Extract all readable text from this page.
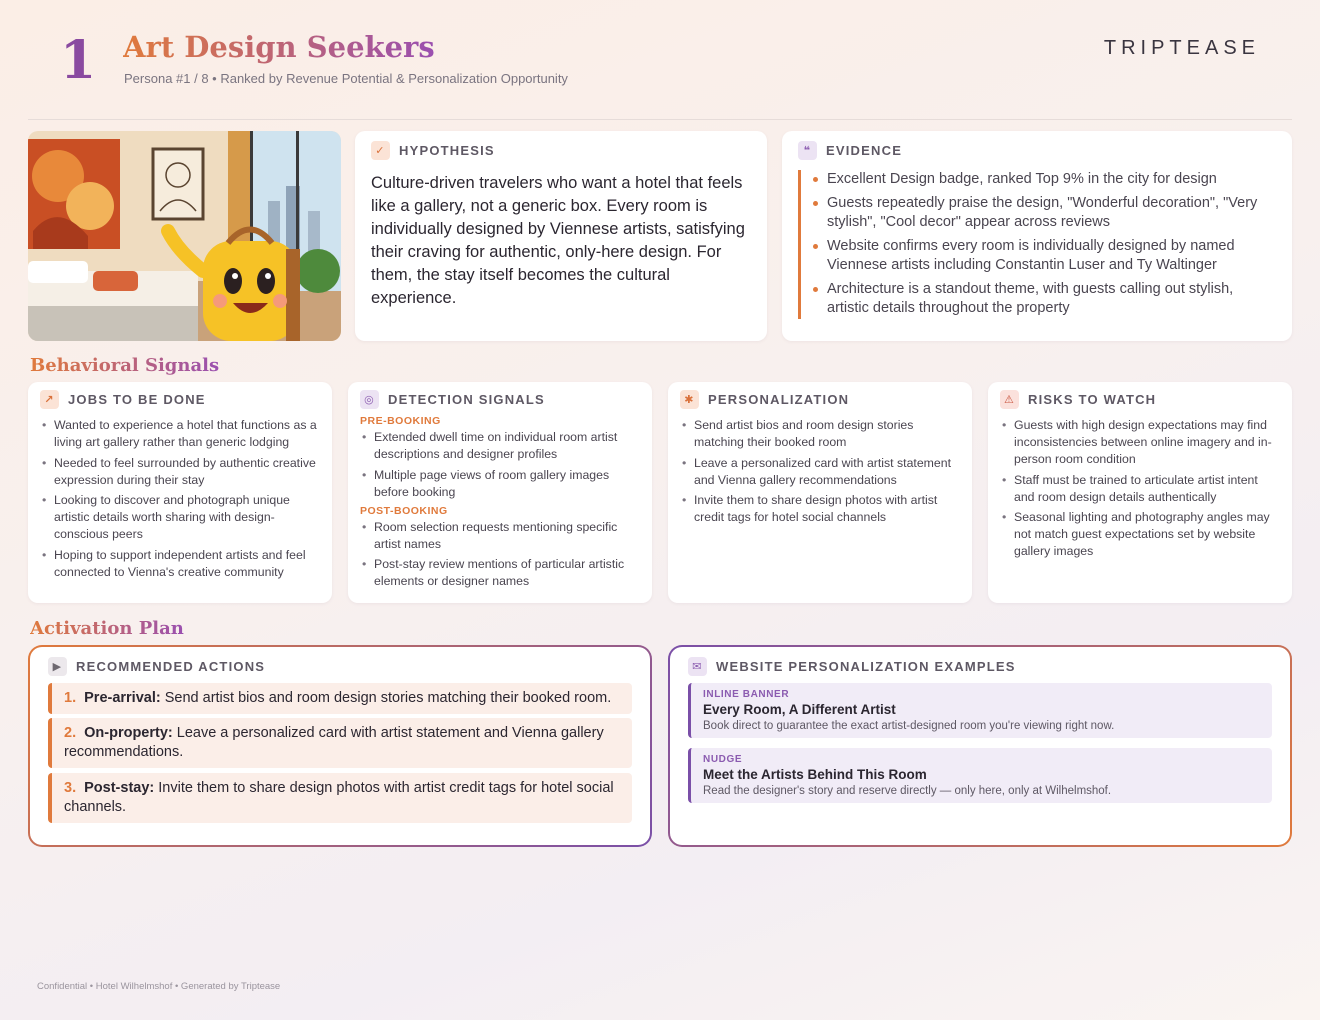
1 Art Design Seekers
Persona #1 / 8 • Ranked by Revenue Potential & Personalization Opportunity
TRIPTEASE
✓	HYPOTHESIS
Culture-driven travelers who want a hotel that feels like a gallery, not a generic box. Every room is individually designed by Viennese artists, satisfying their craving for authentic, only-here design. For them, the stay itself becomes the cultural experience.
❝	EVIDENCE
Excellent Design badge, ranked Top 9% in the city for design
Guests repeatedly praise the design, "Wonderful decoration", "Very stylish", "Cool decor" appear across reviews
Website confirms every room is individually designed by named Viennese artists including Constantin Luser and Ty Waltinger
Architecture is a standout theme, with guests calling out stylish, artistic details throughout the property
Behavioral Signals
↗	JOBS TO BE DONE
• Wanted to experience a hotel that functions as a living art gallery rather than generic lodging
• Needed to feel surrounded by authentic creative expression during their stay
• Looking to discover and photograph unique artistic details worth sharing with design-conscious peers
• Hoping to support independent artists and feel connected to Vienna's creative community
◎	DETECTION SIGNALS
PRE-BOOKING
• Extended dwell time on individual room artist descriptions and designer profiles
• Multiple page views of room gallery images before booking
POST-BOOKING
• Room selection requests mentioning specific artist names
• Post-stay review mentions of particular artistic elements or designer names
✱	PERSONALIZATION
• Send artist bios and room design stories matching their booked room
• Leave a personalized card with artist statement and Vienna gallery recommendations
• Invite them to share design photos with artist credit tags for hotel social channels
⚠ RISKS TO WATCH
• Guests with high design expectations may find inconsistencies between online imagery and in-person room condition
• Staff must be trained to articulate artist intent and room design details authentically
• Seasonal lighting and photography angles may not match guest expectations set by website gallery images
Activation Plan
▶	RECOMMENDED ACTIONS
1. Pre-arrival: Send artist bios and room design stories matching their booked room.
2. On-property: Leave a personalized card with artist statement and Vienna gallery recommendations.
3. Post-stay: Invite them to share design photos with artist credit tags for hotel social channels.
✉	WEBSITE PERSONALIZATION EXAMPLES
INLINE BANNER
Every Room, A Different Artist
Book direct to guarantee the exact artist-designed room you're viewing right now.
NUDGE
Meet the Artists Behind This Room
Read the designer's story and reserve directly — only here, only at Wilhelmshof.
Confidential • Hotel Wilhelmshof • Generated by Triptease
